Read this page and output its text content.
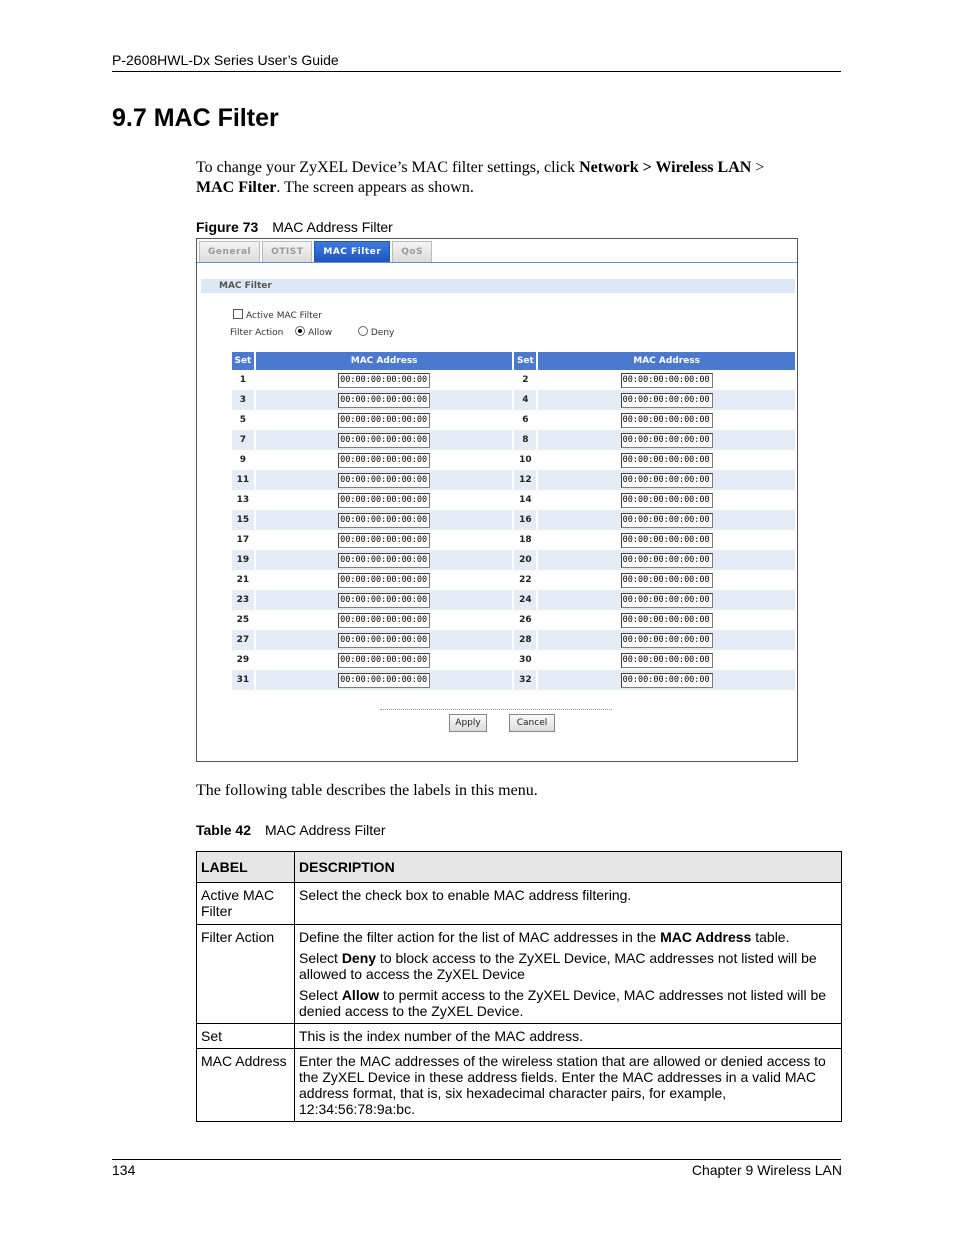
P-2608HWL-Dx Series User’s Guide
9.7 MAC Filter
To change your ZyXEL Device’s MAC filter settings, click Network > Wireless LAN >
MAC Filter. The screen appears as shown.
Figure 73 MAC Address Filter
General	OTIST	MAC Filter	QoS
MAC Filter
Active MAC Filter
Filter Action	Allow	Deny
Set	MAC Address	Set	MAC Address
1	00:00:00:00:00:00	2	00:00:00:00:00:00
3	00:00:00:00:00:00	4	00:00:00:00:00:00
5	00:00:00:00:00:00	6	00:00:00:00:00:00
7	00:00:00:00:00:00	8	00:00:00:00:00:00
9	00:00:00:00:00:00	10	00:00:00:00:00:00
11	00:00:00:00:00:00	12	00:00:00:00:00:00
13	00:00:00:00:00:00	14	00:00:00:00:00:00
15	00:00:00:00:00:00	16	00:00:00:00:00:00
17	00:00:00:00:00:00	18	00:00:00:00:00:00
19	00:00:00:00:00:00	20	00:00:00:00:00:00
21	00:00:00:00:00:00	22	00:00:00:00:00:00
23	00:00:00:00:00:00	24	00:00:00:00:00:00
25	00:00:00:00:00:00	26	00:00:00:00:00:00
27	00:00:00:00:00:00	28	00:00:00:00:00:00
29	00:00:00:00:00:00	30	00:00:00:00:00:00
31	00:00:00:00:00:00	32	00:00:00:00:00:00
Apply	Cancel
The following table describes the labels in this menu.
Table 42 MAC Address Filter
LABEL	DESCRIPTION
Active MAC Filter	Select the check box to enable MAC address filtering.
Filter Action	Define the filter action for the list of MAC addresses in the MAC Address table.

Select Deny to block access to the ZyXEL Device, MAC addresses not listed will be allowed to access the ZyXEL Device

Select Allow to permit access to the ZyXEL Device, MAC addresses not listed will be denied access to the ZyXEL Device.

Set	This is the index number of the MAC address.
MAC Address	Enter the MAC addresses of the wireless station that are allowed or denied access to the ZyXEL Device in these address fields. Enter the MAC addresses in a valid MAC address format, that is, six hexadecimal character pairs, for example, 12:34:56:78:9a:bc.
134	Chapter 9 Wireless LAN
